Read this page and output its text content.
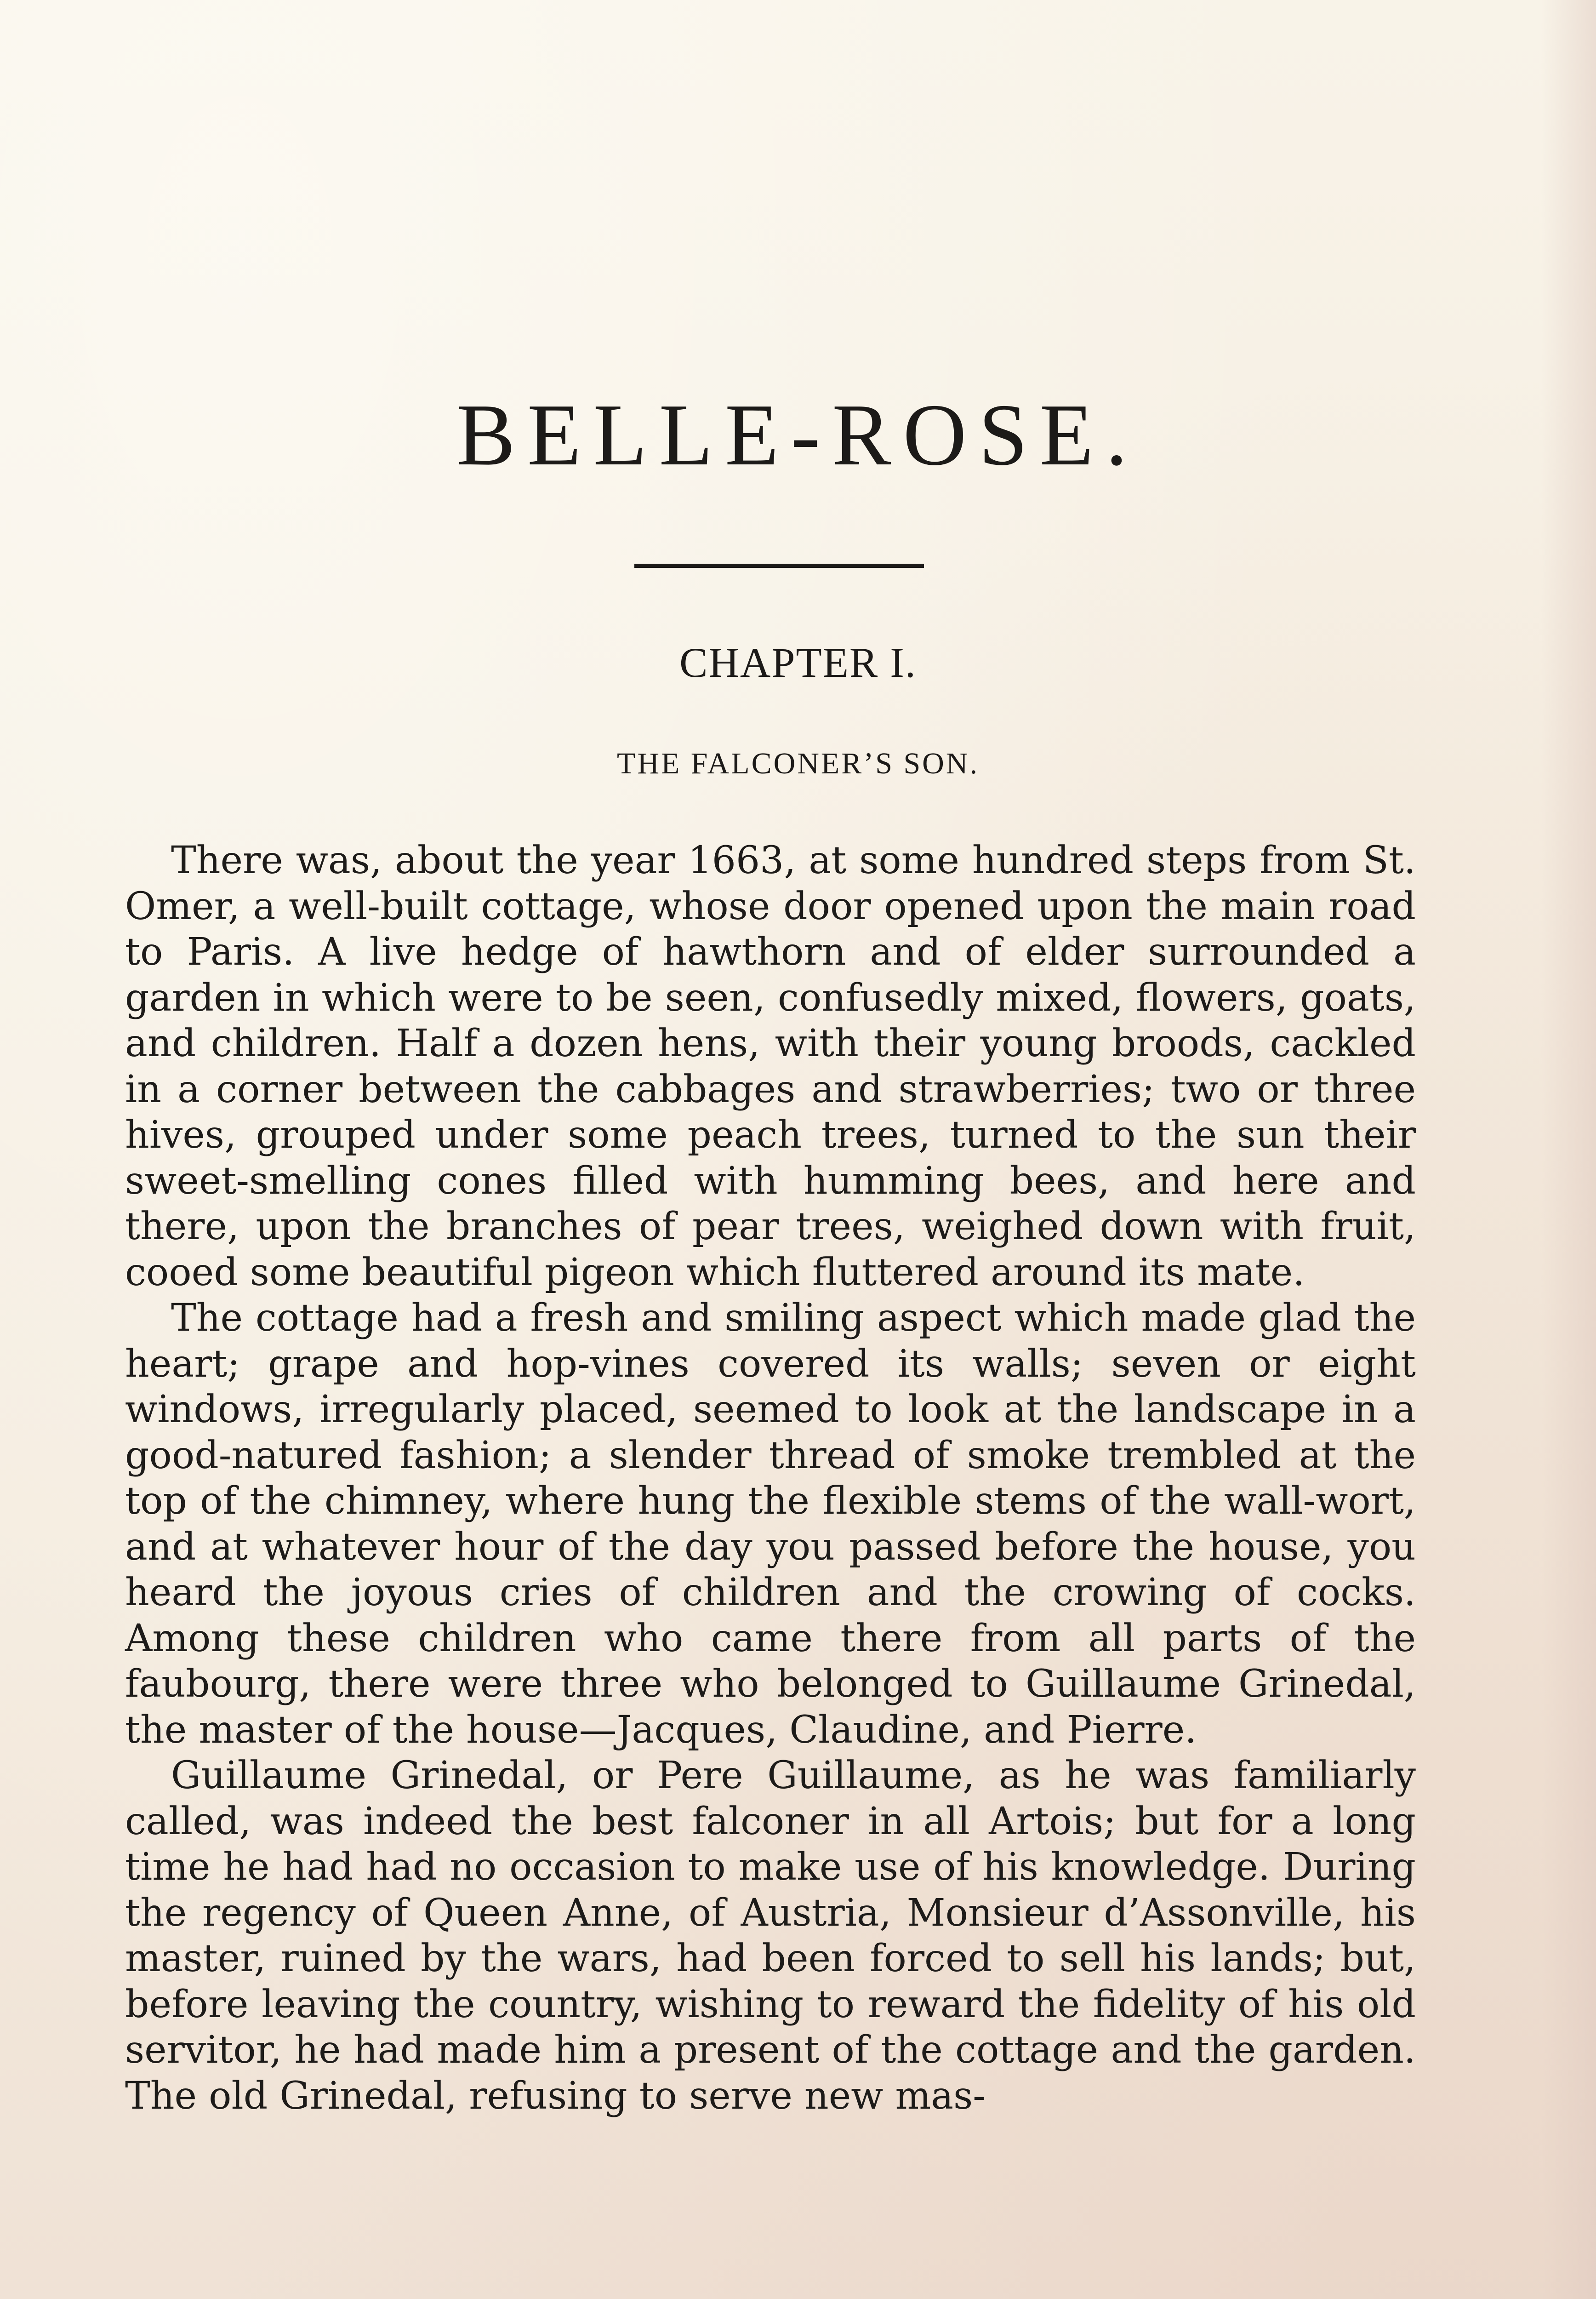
BELLE-ROSE.
CHAPTER I.
THE FALCONER’S SON.

There was, about the year 1663, at some hundred steps from St. Omer, a well-built cottage, whose door opened upon the main road to Paris. A live hedge of hawthorn and of elder surrounded a garden in which were to be seen, confusedly mixed, flowers, goats, and children. Half a dozen hens, with their young broods, cackled in a corner between the cabbages and strawberries; two or three hives, grouped under some peach trees, turned to the sun their sweet-smelling cones filled with humming bees, and here and there, upon the branches of pear trees, weighed down with fruit, cooed some beautiful pigeon which fluttered around its mate.

The cottage had a fresh and smiling aspect which made glad the heart; grape and hop-vines covered its walls; seven or eight windows, irregularly placed, seemed to look at the landscape in a good-natured fashion; a slender thread of smoke trembled at the top of the chimney, where hung the flexible stems of the wall-wort, and at whatever hour of the day you passed before the house, you heard the joyous cries of children and the crowing of cocks. Among these children who came there from all parts of the faubourg, there were three who belonged to Guillaume Grinedal, the master of the house—Jacques, Claudine, and Pierre.

Guillaume Grinedal, or Pere Guillaume, as he was familiarly called, was indeed the best falconer in all Artois; but for a long time he had had no occasion to make use of his knowledge. During the regency of Queen Anne, of Austria, Monsieur d’Assonville, his master, ruined by the wars, had been forced to sell his lands; but, before leaving the country, wishing to reward the fidelity of his old servitor, he had made him a present of the cottage and the garden. The old Grinedal, refusing to serve new mas-
